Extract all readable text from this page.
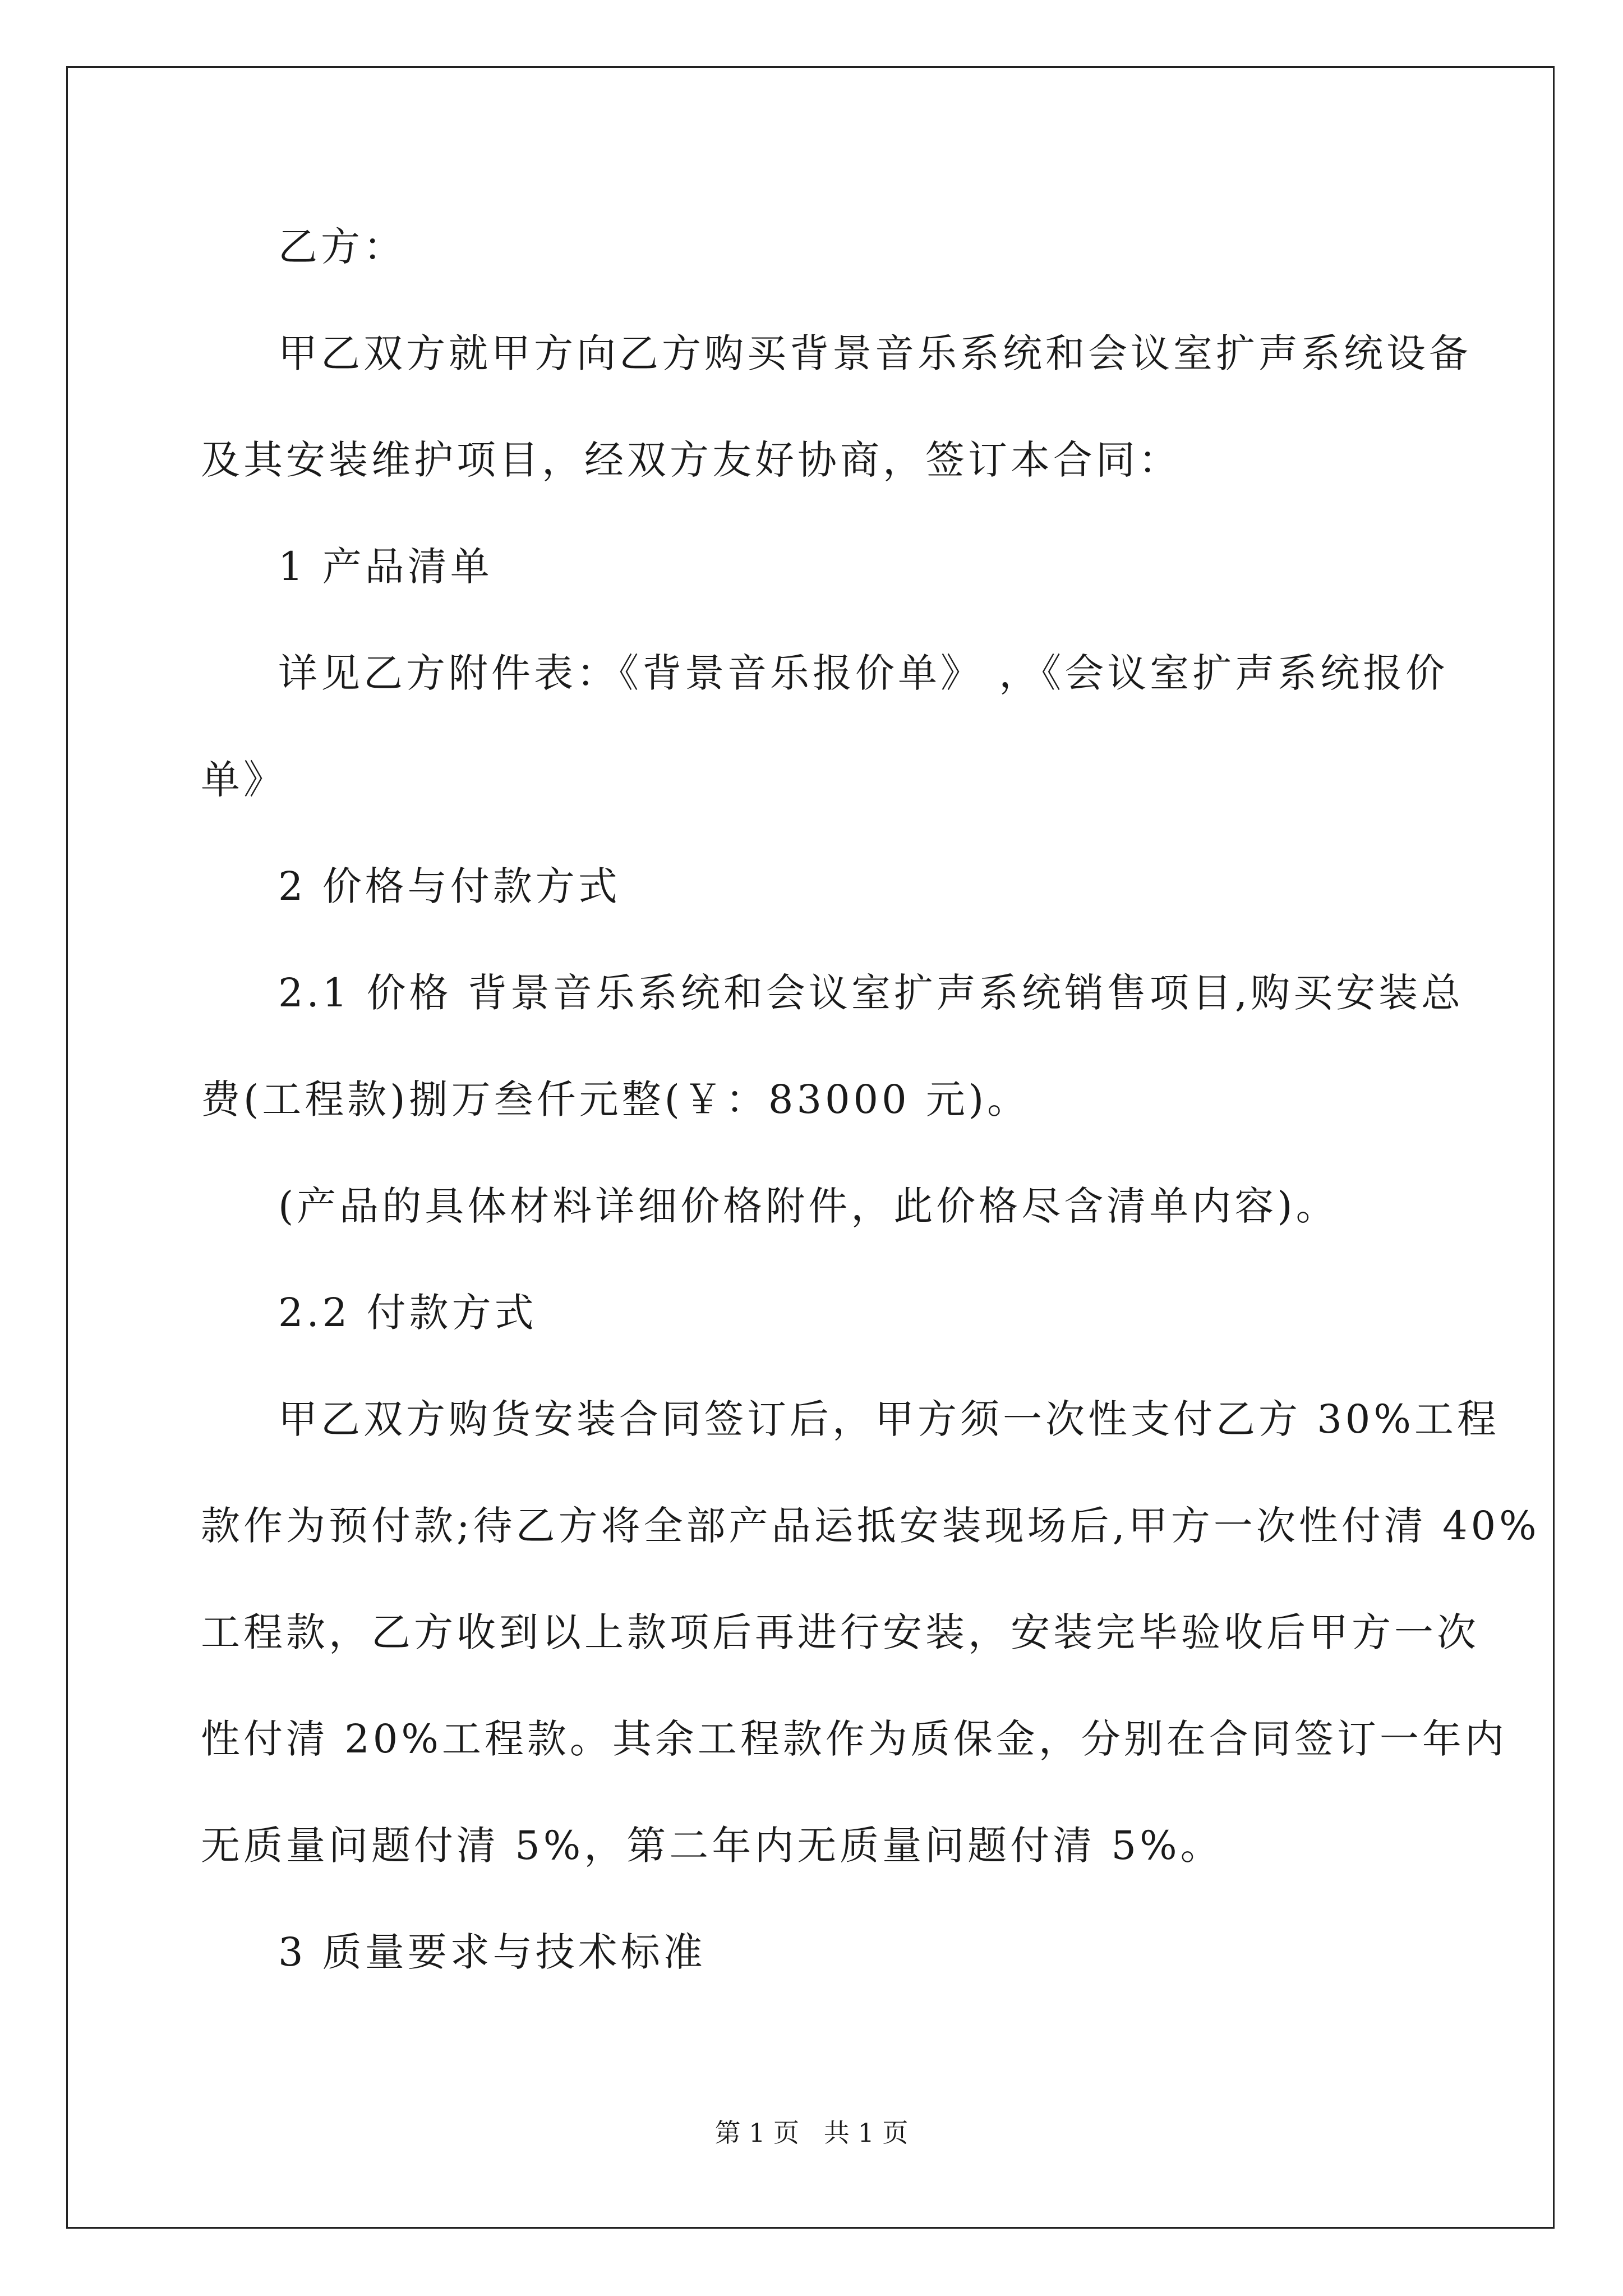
乙方：
甲乙双方就甲方向乙方购买背景音乐系统和会议室扩声系统设备
及其安装维护项目，经双方友好协商，签订本合同：
1 产品清单
详见乙方附件表：《背景音乐报价单》 ，《会议室扩声系统报价
单》
2 价格与付款方式
2.1 价格 背景音乐系统和会议室扩声系统销售项目,购买安装总
费(工程款)捌万叁仟元整(￥：83000 元)。
(产品的具体材料详细价格附件，此价格尽含清单内容)。
2.2 付款方式
甲乙双方购货安装合同签订后，甲方须一次性支付乙方 30%工程
款作为预付款;待乙方将全部产品运抵安装现场后,甲方一次性付清 40%
工程款，乙方收到以上款项后再进行安装，安装完毕验收后甲方一次
性付清 20%工程款。其余工程款作为质保金，分别在合同签订一年内
无质量问题付清 5%，第二年内无质量问题付清 5%。
3 质量要求与技术标准
第 1 页   共 1 页
